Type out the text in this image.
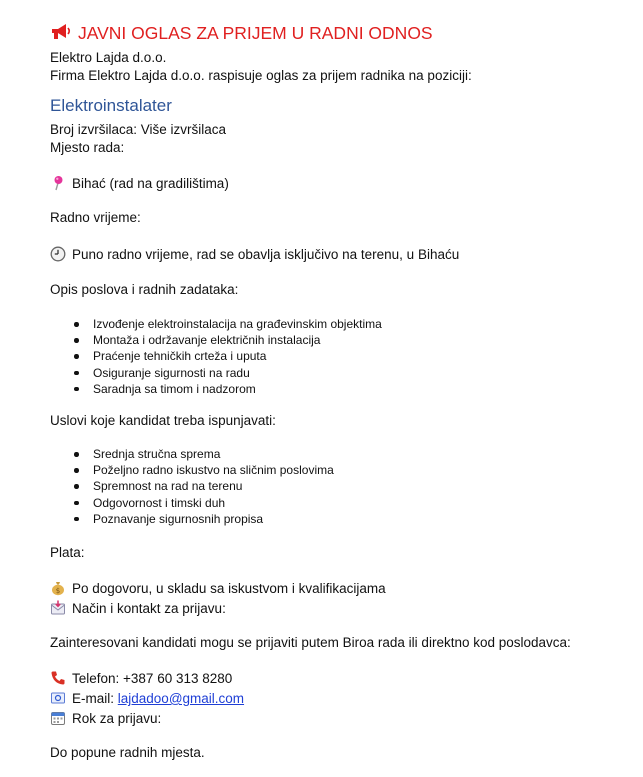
JAVNI OGLAS ZA PRIJEM U RADNI ODNOS
Elektro Lajda d.o.o.
Firma Elektro Lajda d.o.o. raspisuje oglas za prijem radnika na poziciji:
Elektroinstalater
Broj izvršilaca: Više izvršilaca
Mjesto rada:
Bihać (rad na gradilištima)
Radno vrijeme:
Puno radno vrijeme, rad se obavlja isključivo na terenu, u Bihaću
Opis poslova i radnih zadataka:
Izvođenje elektroinstalacija na građevinskim objektima
Montaža i održavanje električnih instalacija
Praćenje tehničkih crteža i uputa
Osiguranje sigurnosti na radu
Saradnja sa timom i nadzorom
Uslovi koje kandidat treba ispunjavati:
Srednja stručna sprema
Poželjno radno iskustvo na sličnim poslovima
Spremnost na rad na terenu
Odgovornost i timski duh
Poznavanje sigurnosnih propisa
Plata:
$ Po dogovoru, u skladu sa iskustvom i kvalifikacijama
Način i kontakt za prijavu:
Zainteresovani kandidati mogu se prijaviti putem Biroa rada ili direktno kod poslodavca:
Telefon: +387 60 313 8280
E-mail: lajdadoo@gmail.com
Rok za prijavu:
Do popune radnih mjesta.
